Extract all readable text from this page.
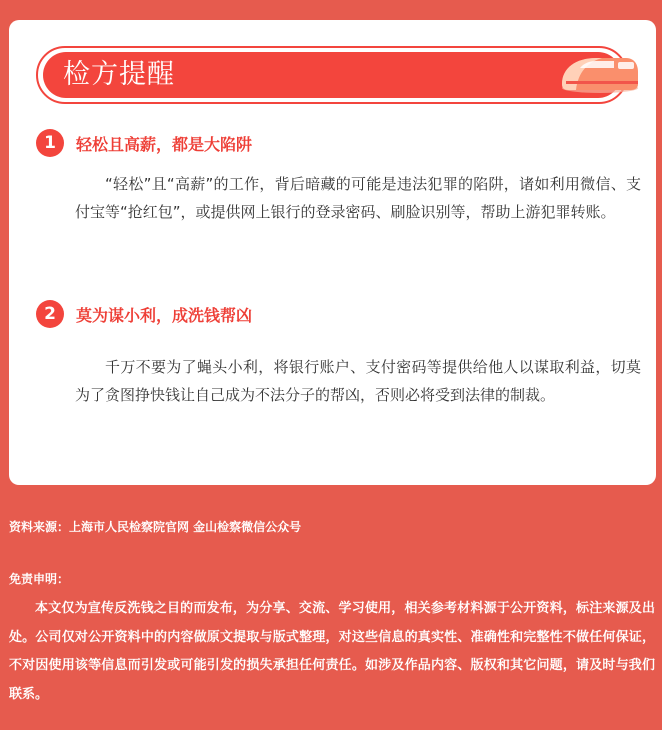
检方提醒
1	轻松且高薪，都是大陷阱

“轻松”且“高薪”的工作，背后暗藏的可能是违法犯罪的陷阱，诸如利用微信、支付宝等“抢红包”，或提供网上银行的登录密码、刷脸识别等，帮助上游犯罪转账。

2	莫为谋小利，成洗钱帮凶

千万不要为了蝇头小利，将银行账户、支付密码等提供给他人以谋取利益，切莫为了贪图挣快钱让自己成为不法分子的帮凶，否则必将受到法律的制裁。

资料来源：上海市人民检察院官网 金山检察微信公众号
免责申明：

本文仅为宣传反洗钱之目的而发布，为分享、交流、学习使用，相关参考材料源于公开资料，标注来源及出处。公司仅对公开资料中的内容做原文提取与版式整理，对这些信息的真实性、准确性和完整性不做任何保证，不对因使用该等信息而引发或可能引发的损失承担任何责任。如涉及作品内容、版权和其它问题，请及时与我们联系。
